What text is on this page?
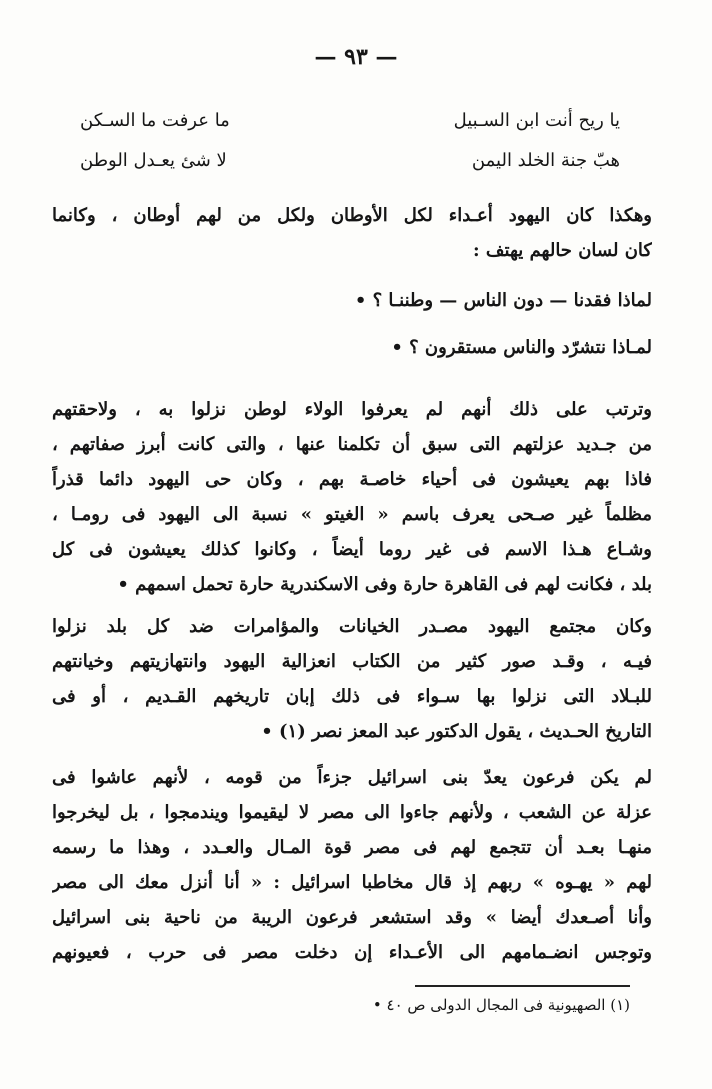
— ٩٣ —
يا ريح أنت ابن السـبيل
ما عرفت ما السـكن
هبّ جنة الخلد اليمن
لا شئ يعـدل الوطن
وهكذا كان اليهود أعـداء لكل الأوطان ولكل من لهم أوطان ، وكانما
كان لسان حالهم يهتف :
لماذا فقدنا — دون الناس — وطننـا ؟ •
لمـاذا نتشرّد والناس مستقرون ؟ •
وترتب على ذلك أنهم لم يعرفوا الولاء لوطن نزلوا به ، ولاحقتهم
من جـديد عزلتهم التى سبق أن تكلمنا عنها ، والتى كانت أبرز صفاتهم ،
فاذا بهم يعيشون فى أحياء خاصـة بهم ، وكان حى اليهود دائما قذراً
مظلماً غير صـحى يعرف باسم « الغيتو » نسبة الى اليهود فى رومـا ،
وشـاع هـذا الاسم فى غير روما أيضاً ، وكانوا كذلك يعيشون فى كل
بلد ، فكانت لهم فى القاهرة حارة وفى الاسكندرية حارة تحمل اسمهم •
وكان مجتمع اليهود مصـدر الخيانات والمؤامرات ضد كل بلد نزلوا
فيـه ، وقـد صور كثير من الكتاب انعزالية اليهود وانتهازيتهم وخيانتهم
للبـلاد التى نزلوا بها سـواء فى ذلك إبان تاريخهم القـديم ، أو فى
التاريخ الحـديث ، يقول الدكتور عبد المعز نصر (١) •
لم يكن فرعون يعدّ بنى اسرائيل جزءاً من قومه ، لأنهم عاشوا فى
عزلة عن الشعب ، ولأنهم جاءوا الى مصر لا ليقيموا ويندمجوا ، بل ليخرجوا
منهـا بعـد أن تتجمع لهم فى مصر قوة المـال والعـدد ، وهذا ما رسمه
لهم « يهـوه » ربهم إذ قال مخاطبا اسرائيل : « أنا أنزل معك الى مصر
وأنا أصـعدك أيضا » وقد استشعر فرعون الريبة من ناحية بنى اسرائيل
وتوجس انضـمامهم الى الأعـداء إن دخلت مصر فى حرب ، فعيونهم
(١) الصهيونية فى المجال الدولى ص ٤٠ •
